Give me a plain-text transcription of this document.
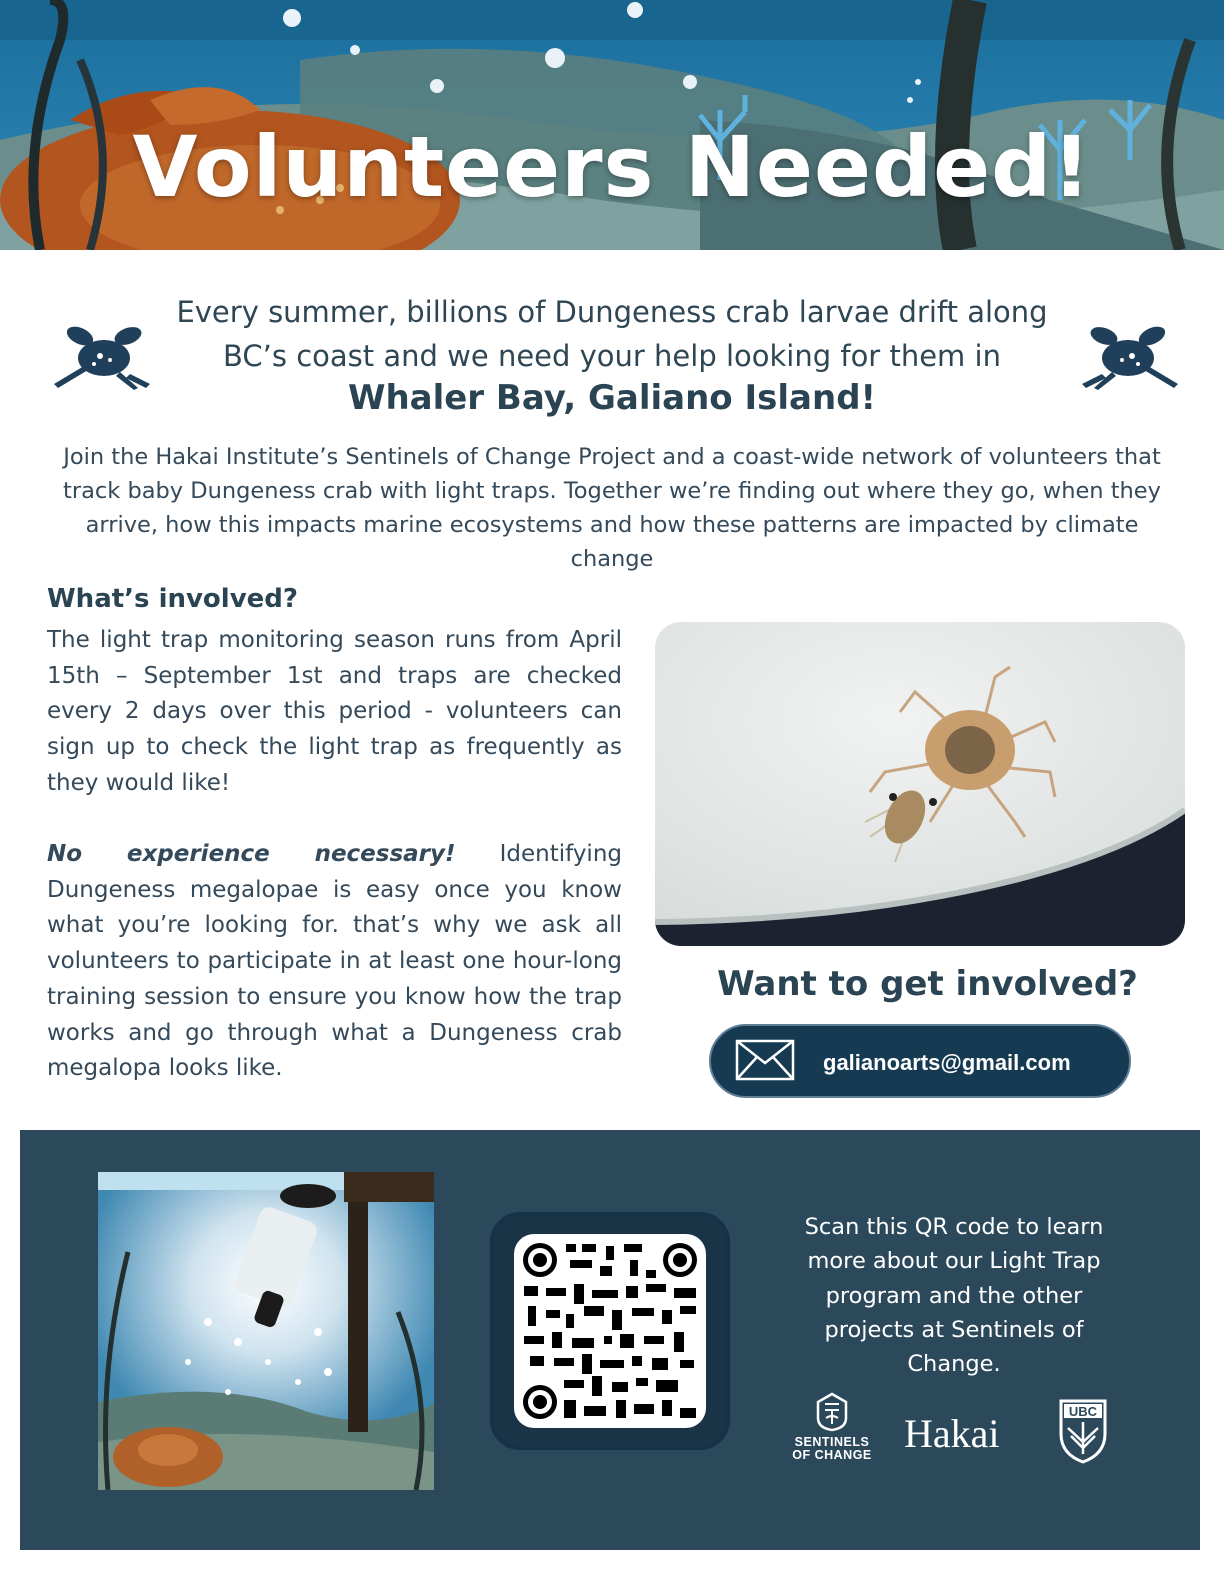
Volunteers Needed!
Every summer, billions of Dungeness crab larvae drift along
BC’s coast and we need your help looking for them in
Whaler Bay, Galiano Island!
Join the Hakai Institute’s Sentinels of Change Project and a coast-wide network of volunteers that track baby Dungeness crab with light traps. Together we’re finding out where they go, when they arrive, how this impacts marine ecosystems and how these patterns are impacted by climate change
What’s involved?
The light trap monitoring season runs from April 15th – September 1st and traps are checked every 2 days over this period - volunteers can sign up to check the light trap as frequently as they would like!
No experience necessary! Identifying Dungeness megalopae is easy once you know what you’re looking for. that’s why we ask all volunteers to participate in at least one hour-long training session to ensure you know how the trap works and go through what a Dungeness crab megalopa looks like.
Want to get involved?
galianoarts@gmail.com
Scan this QR code to learn more about our Light Trap program and the other projects at Sentinels of Change.
SENTINELS
OF CHANGE Hakai	UBC
